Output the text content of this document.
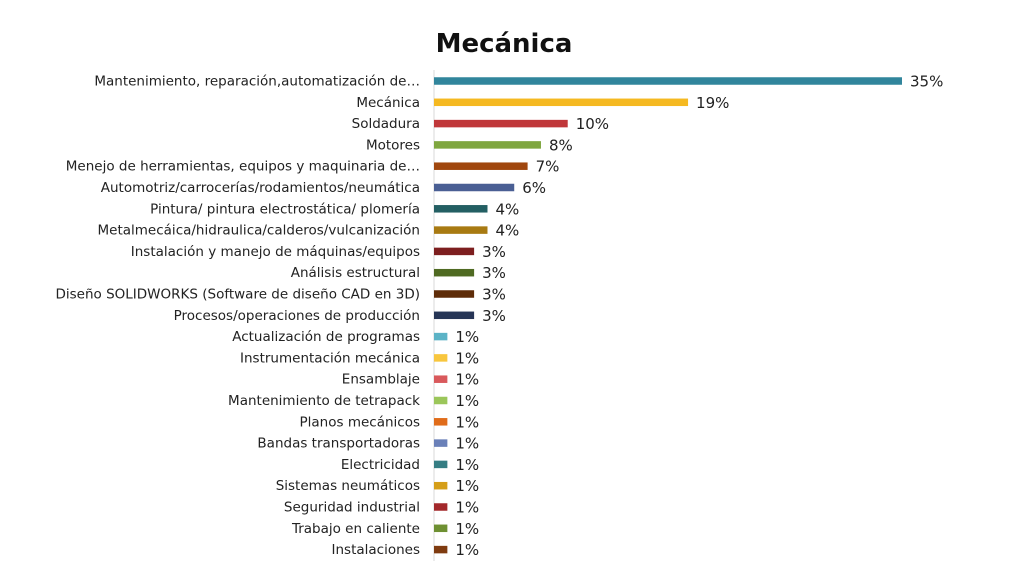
Mecánica
Mantenimiento, reparación,automatización de…
Mecánica
Soldadura
Motores
Menejo de herramientas, equipos y maquinaria de…
Automotriz/carrocerías/rodamientos/neumática
Pintura/ pintura electrostática/ plomería
Metalmecáica/hidraulica/calderos/vulcanización
Instalación y manejo de máquinas/equipos
Análisis estructural
Diseño SOLIDWORKS (Software de diseño CAD en 3D)
Procesos/operaciones de producción
Actualización de programas
Instrumentación mecánica
Ensamblaje
Mantenimiento de tetrapack
Planos mecánicos
Bandas transportadoras
Electricidad
Sistemas neumáticos
Seguridad industrial
Trabajo en caliente
Instalaciones
35%
19%
10%
8%
7%
6%
4%
4%
3%
3%
3%
3%
1%
1%
1%
1%
1%
1%
1%
1%
1%
1%
1%
